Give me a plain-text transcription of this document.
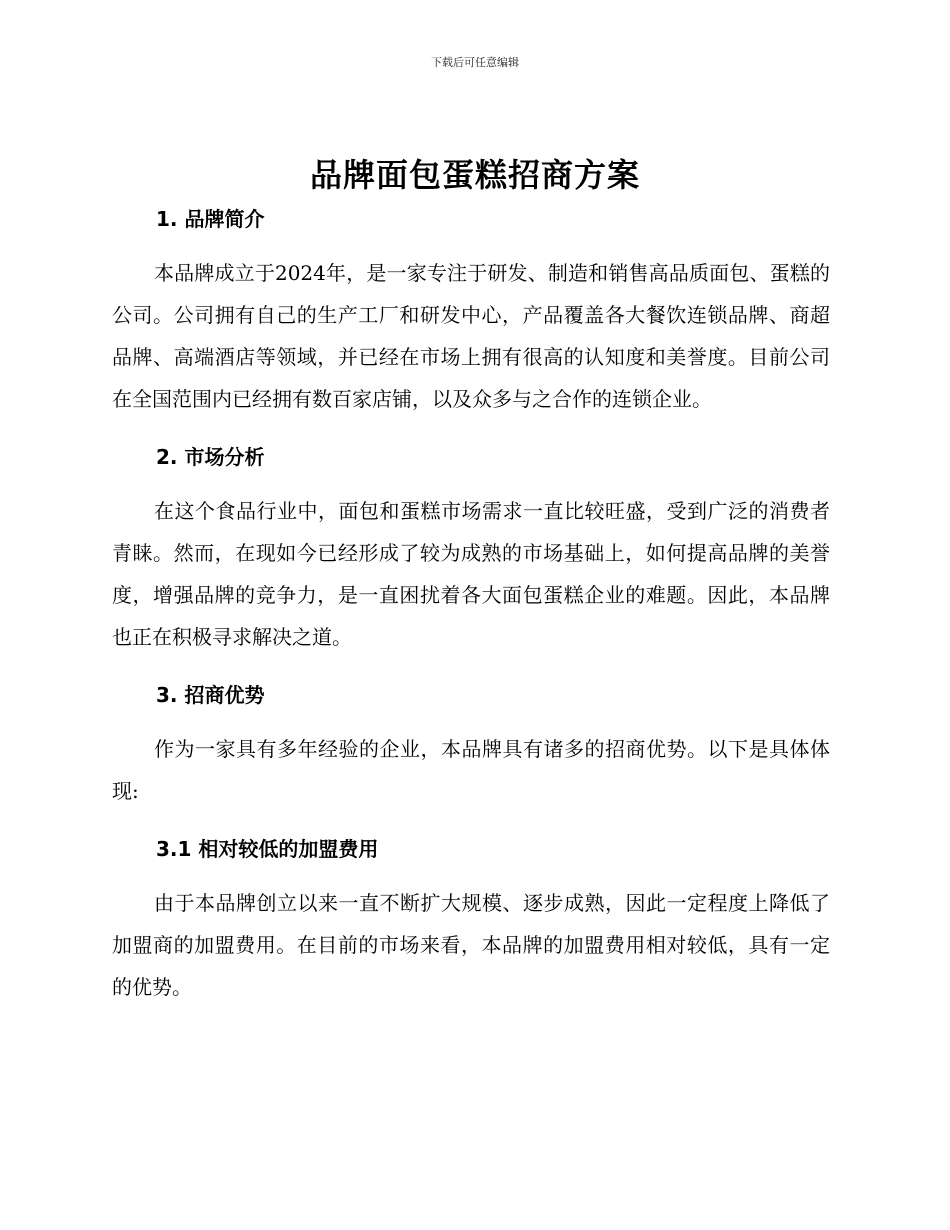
下载后可任意编辑
品牌面包蛋糕招商方案
1. 品牌简介

本品牌成立于2024年，是一家专注于研发、制造和销售高品质面包、蛋糕的公司。公司拥有自己的生产工厂和研发中心，产品覆盖各大餐饮连锁品牌、商超品牌、高端酒店等领域，并已经在市场上拥有很高的认知度和美誉度。目前公司在全国范围内已经拥有数百家店铺，以及众多与之合作的连锁企业。

2. 市场分析

在这个食品行业中，面包和蛋糕市场需求一直比较旺盛，受到广泛的消费者青睐。然而，在现如今已经形成了较为成熟的市场基础上，如何提高品牌的美誉度，增强品牌的竞争力，是一直困扰着各大面包蛋糕企业的难题。因此，本品牌也正在积极寻求解决之道。

3. 招商优势

作为一家具有多年经验的企业，本品牌具有诸多的招商优势。以下是具体体现:

3.1 相对较低的加盟费用

由于本品牌创立以来一直不断扩大规模、逐步成熟，因此一定程度上降低了加盟商的加盟费用。在目前的市场来看，本品牌的加盟费用相对较低，具有一定的优势。
